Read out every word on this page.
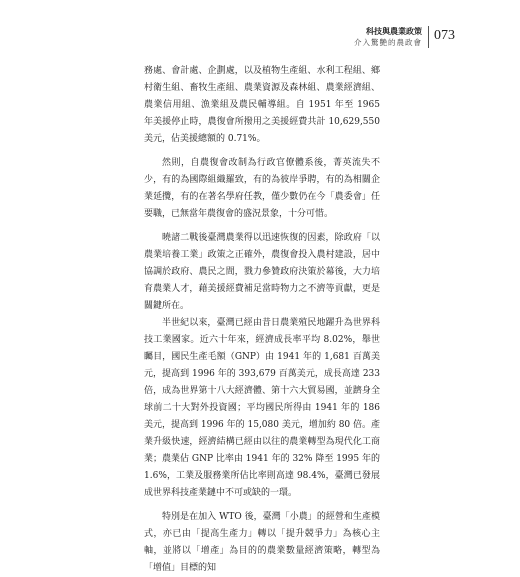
科技與農業政策
介入驚艷的農政會 073

務處、會計處、企劃處，以及植物生產組、水利工程組、鄉村衛生組、畜牧生產組、農業資源及森林組、農業經濟組、農業信用組、漁業組及農民輔導組。自 1951 年至 1965 年美援停止時，農復會所撥用之美援經費共計 10,629,550 美元，佔美援總額的 0.71%。

然則，自農復會改制為行政官僚體系後，菁英流失不少，有的為國際組織羅致，有的為彼岸爭聘，有的為相關企業延攬，有的在著名學府任教，僅少數仍在今「農委會」任要職，已無當年農復會的盛況景象，十分可惜。

曉諸二戰後臺灣農業得以迅速恢復的因素，除政府「以農業培養工業」政策之正確外，農復會投入農村建設，居中協調於政府、農民之間，戮力參贊政府決策於幕後，大力培育農業人才，藉美援經費補足當時物力之不濟等貢獻，更是關鍵所在。

半世紀以來，臺灣已經由昔日農業殖民地躍升為世界科技工業國家。近六十年來，經濟成長率平均 8.02%，舉世矚目，國民生產毛額（GNP）由 1941 年的 1,681 百萬美元，提高到 1996 年的 393,679 百萬美元，成長高達 233 倍，成為世界第十八大經濟體、第十六大貿易國，並躋身全球前二十大對外投資國；平均國民所得由 1941 年的 186 美元，提高到 1996 年的 15,080 美元，增加約 80 倍。產業升級快速，經濟結構已經由以往的農業轉型為現代化工商業；農業佔 GNP 比率由 1941 年的 32% 降至 1995 年的 1.6%，工業及服務業所佔比率則高達 98.4%，臺灣已發展成世界科技產業鏈中不可或缺的一環。

特別是在加入 WTO 後，臺灣「小農」的經營和生產模式，亦已由「提高生產力」轉以「提升競爭力」為核心主軸，並將以「增產」為目的的農業數量經濟策略，轉型為「增值」目標的知
